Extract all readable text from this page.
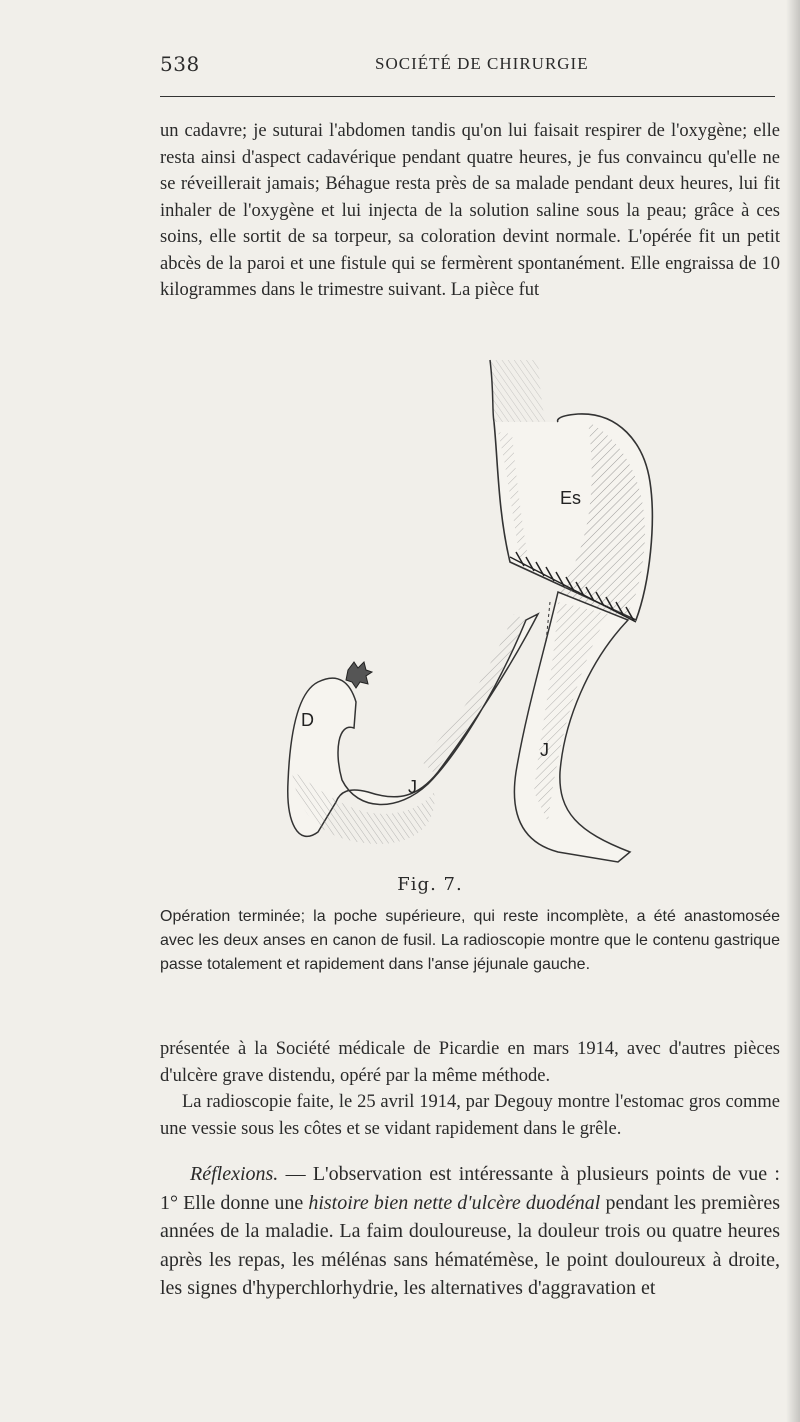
538	SOCIÉTÉ DE CHIRURGIE

un cadavre; je suturai l'abdomen tandis qu'on lui faisait respirer de l'oxygène; elle resta ainsi d'aspect cadavérique pendant quatre heures, je fus convaincu qu'elle ne se réveillerait jamais; Béhague resta près de sa malade pendant deux heures, lui fit inhaler de l'oxygène et lui injecta de la solution saline sous la peau; grâce à ces soins, elle sortit de sa torpeur, sa coloration devint normale. L'opérée fit un petit abcès de la paroi et une fistule qui se fermèrent spontanément. Elle engraissa de 10 kilogrammes dans le trimestre suivant. La pièce fut

Es
J
D
J
Fig. 7.

Opération terminée; la poche supérieure, qui reste incomplète, a été anastomosée avec les deux anses en canon de fusil. La radioscopie montre que le contenu gastrique passe totalement et rapidement dans l'anse jéjunale gauche.

présentée à la Société médicale de Picardie en mars 1914, avec d'autres pièces d'ulcère grave distendu, opéré par la même méthode.
La radioscopie faite, le 25 avril 1914, par Degouy montre l'estomac gros comme une vessie sous les côtes et se vidant rapidement dans le grêle.

Réflexions. — L'observation est intéressante à plusieurs points de vue : 1° Elle donne une histoire bien nette d'ulcère duodénal pendant les premières années de la maladie. La faim douloureuse, la douleur trois ou quatre heures après les repas, les mélénas sans hématémèse, le point douloureux à droite, les signes d'hyperchlorhydrie, les alternatives d'aggravation et
